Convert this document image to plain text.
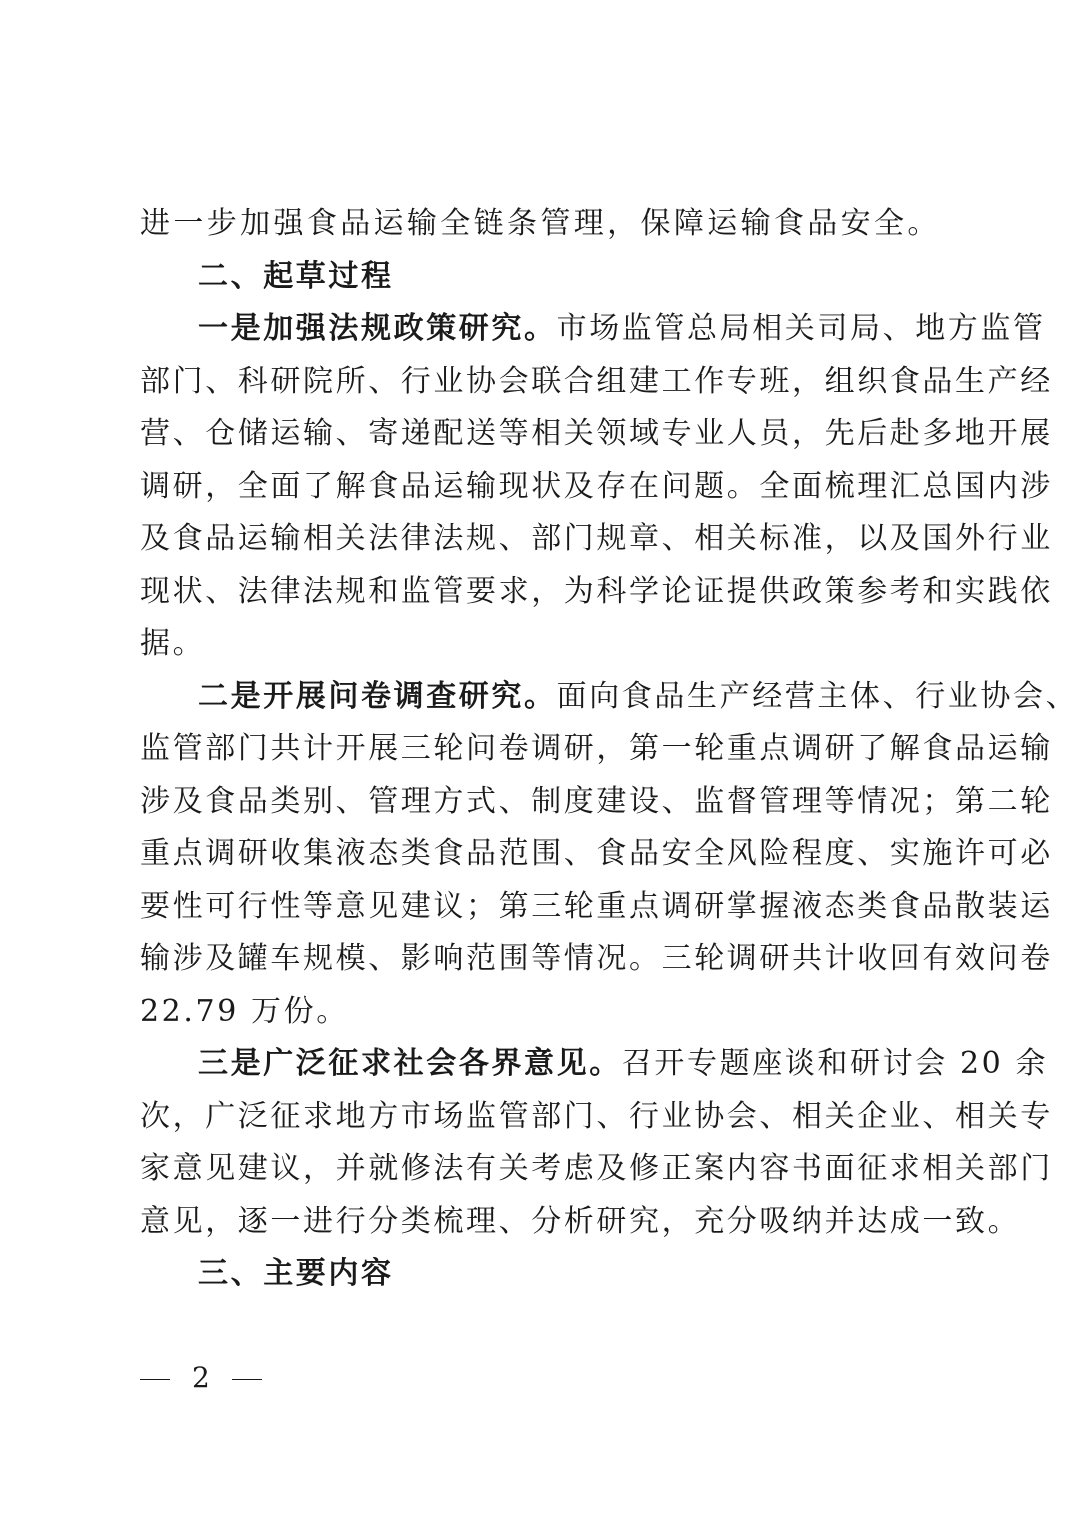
进一步加强食品运输全链条管理，保障运输食品安全。
二、起草过程
一是加强法规政策研究。市场监管总局相关司局、地方监管
部门、科研院所、行业协会联合组建工作专班，组织食品生产经
营、仓储运输、寄递配送等相关领域专业人员，先后赴多地开展
调研，全面了解食品运输现状及存在问题。全面梳理汇总国内涉
及食品运输相关法律法规、部门规章、相关标准，以及国外行业
现状、法律法规和监管要求，为科学论证提供政策参考和实践依
据。
二是开展问卷调查研究。面向食品生产经营主体、行业协会、
监管部门共计开展三轮问卷调研，第一轮重点调研了解食品运输
涉及食品类别、管理方式、制度建设、监督管理等情况；第二轮
重点调研收集液态类食品范围、食品安全风险程度、实施许可必
要性可行性等意见建议；第三轮重点调研掌握液态类食品散装运
输涉及罐车规模、影响范围等情况。三轮调研共计收回有效问卷
22.79 万份。
三是广泛征求社会各界意见。召开专题座谈和研讨会 20 余
次，广泛征求地方市场监管部门、行业协会、相关企业、相关专
家意见建议，并就修法有关考虑及修正案内容书面征求相关部门
意见，逐一进行分类梳理、分析研究，充分吸纳并达成一致。
三、主要内容
2
